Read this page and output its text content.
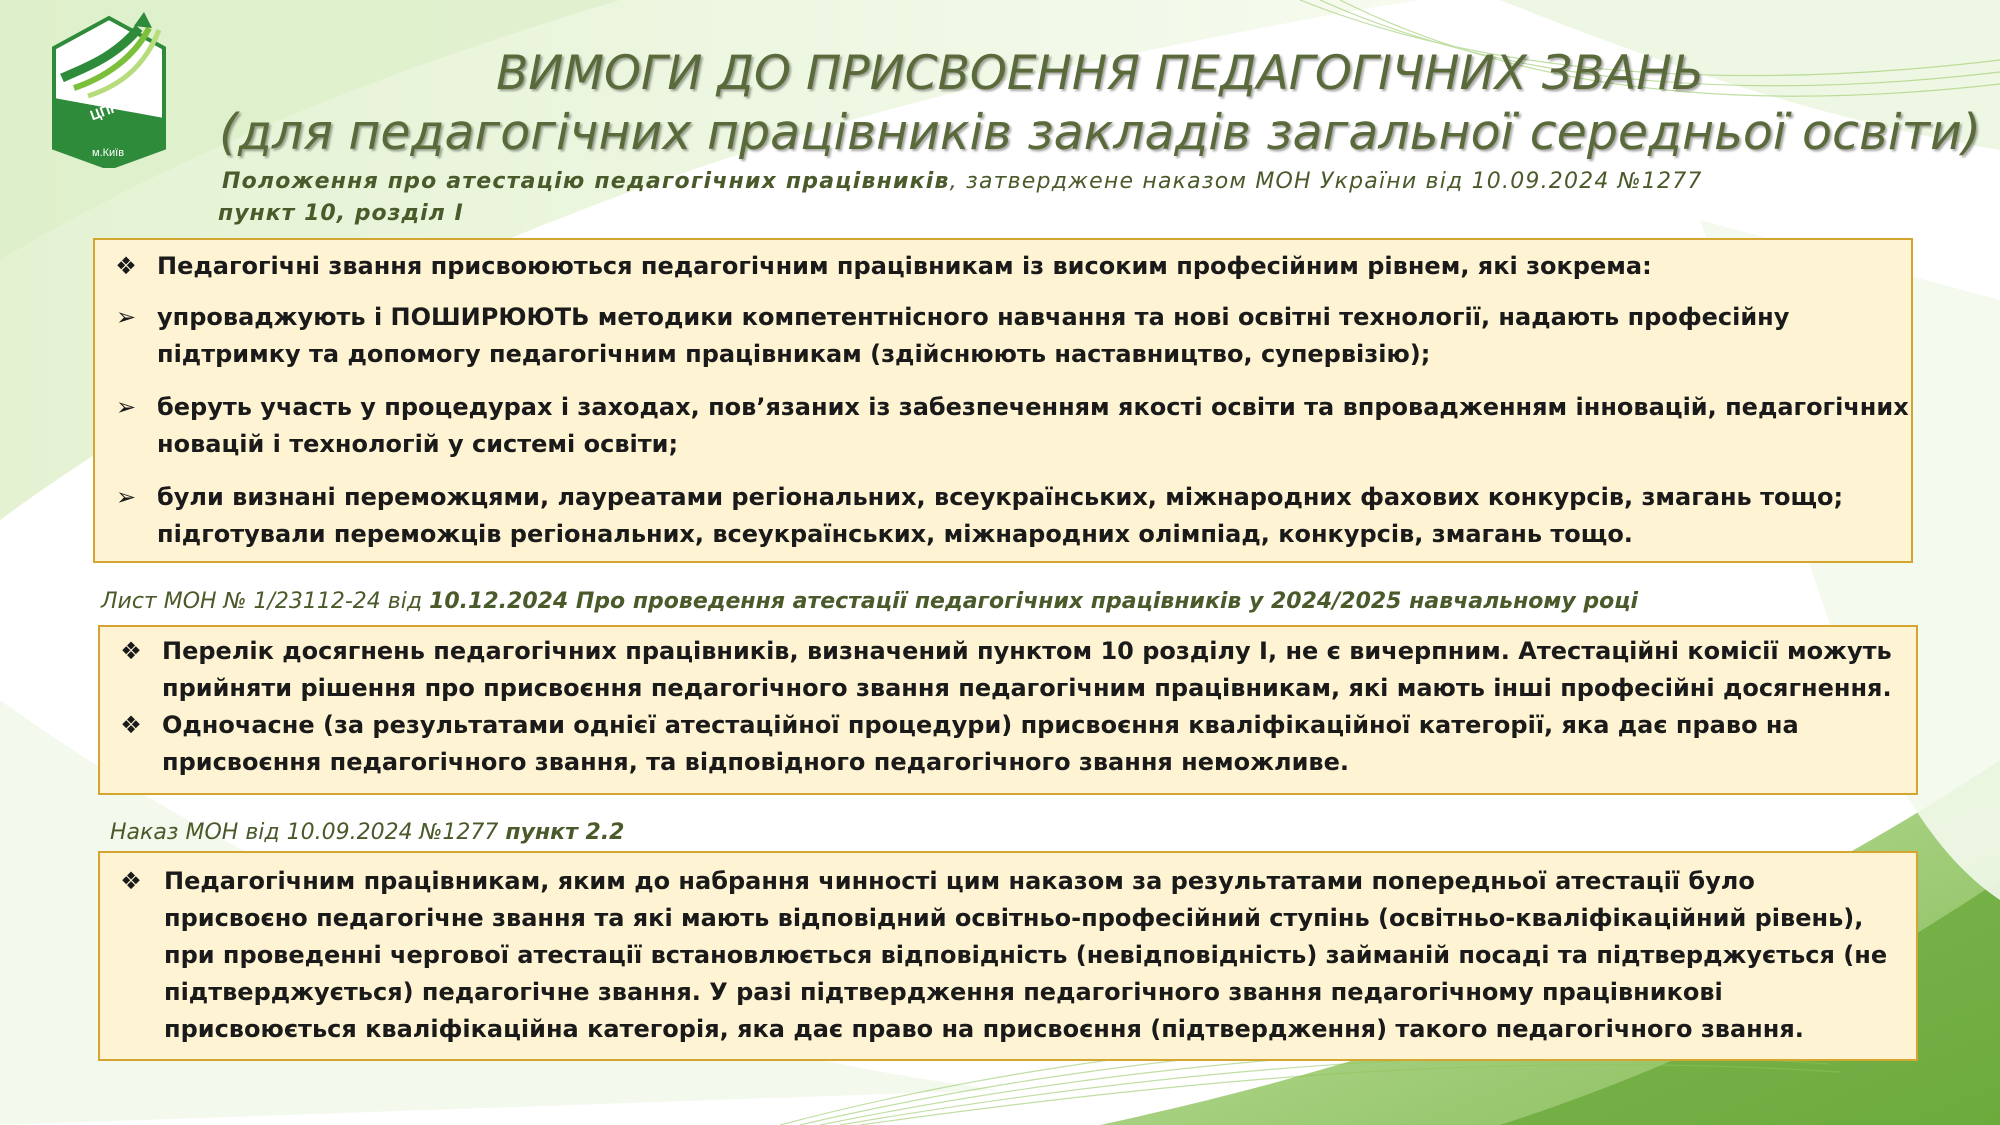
ЦПРПП
м.Київ
ВИМОГИ ДО ПРИСВОЕННЯ ПЕДАГОГІЧНИХ ЗВАНЬ
(для педагогічних працівників закладів загальної середньої освіти)
Положення про атестацію педагогічних працівників, затверджене наказом МОН України від 10.09.2024 №1277
пункт 10, розділ І
❖ Педагогічні звання присвоюються педагогічним працівникам із високим професійним рівнем, які зокрема:
➢ упроваджують і ПОШИРЮЮТЬ методики компетентнісного навчання та нові освітні технології, надають професійну підтримку та допомогу педагогічним працівникам (здійснюють наставництво, супервізію);
➢ беруть участь у процедурах і заходах, пов’язаних із забезпеченням якості освіти та впровадженням інновацій, педагогічних новацій і технологій у системі освіти;
➢ були визнані переможцями, лауреатами регіональних, всеукраїнських, міжнародних фахових конкурсів, змагань тощо; підготували переможців регіональних, всеукраїнських, міжнародних олімпіад, конкурсів, змагань тощо.
Лист МОН № 1/23112-24 від 10.12.2024 Про проведення атестації педагогічних працівників у 2024/2025 навчальному році
❖ Перелік досягнень педагогічних працівників, визначений пунктом 10 розділу І, не є вичерпним. Атестаційні комісії можуть прийняти рішення про присвоєння педагогічного звання педагогічним працівникам, які мають інші професійні досягнення.
❖ Одночасне (за результатами однієї атестаційної процедури) присвоєння кваліфікаційної категорії, яка дає право на присвоєння педагогічного звання, та відповідного педагогічного звання неможливе.
Наказ МОН від 10.09.2024 №1277 пункт 2.2
❖ Педагогічним працівникам, яким до набрання чинності цим наказом за результатами попередньої атестації було присвоєно педагогічне звання та які мають відповідний освітньо-професійний ступінь (освітньо-кваліфікаційний рівень), при проведенні чергової атестації встановлюється відповідність (невідповідність) займаній посаді та підтверджується (не підтверджується) педагогічне звання. У разі підтвердження педагогічного звання педагогічному працівникові присвоюється кваліфікаційна категорія, яка дає право на присвоєння (підтвердження) такого педагогічного звання.
